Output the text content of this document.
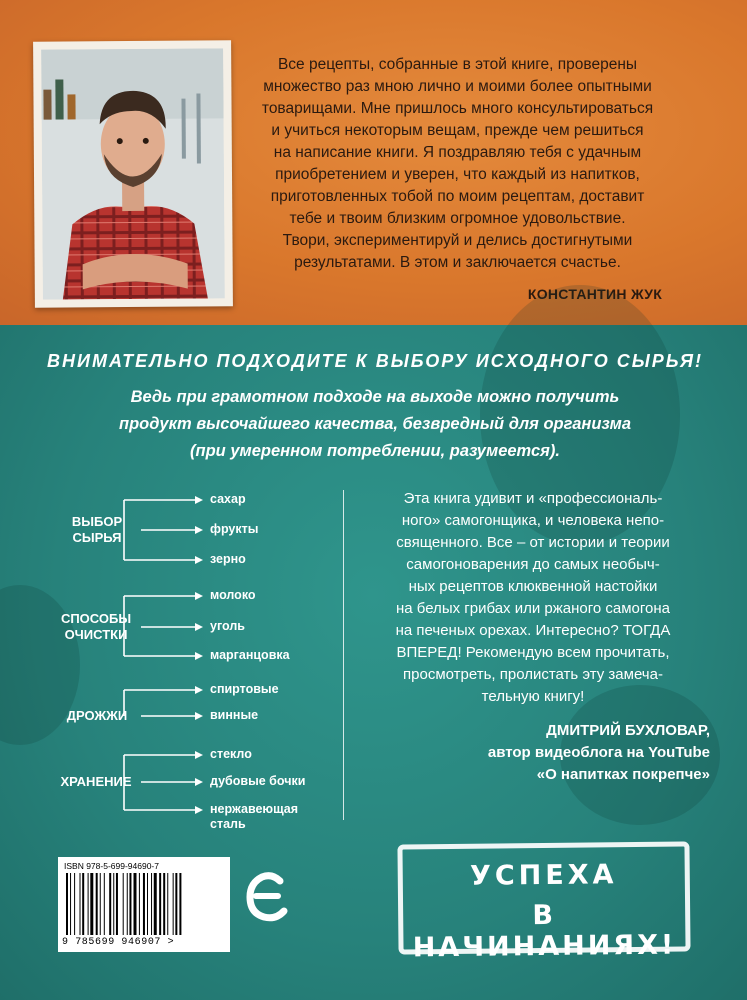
Все рецепты, собранные в этой книге, проверены
множество раз мною лично и моими более опытными
товарищами. Мне пришлось много консультироваться
и учиться некоторым вещам, прежде чем решиться
на написание книги. Я поздравляю тебя с удачным
приобретением и уверен, что каждый из напитков,
приготовленных тобой по моим рецептам, доставит
тебе и твоим близким огромное удовольствие.
Твори, экспериментируй и делись достигнутыми
результатами. В этом и заключается счастье.
КОНСТАНТИН ЖУК
ВНИМАТЕЛЬНО ПОДХОДИТЕ К ВЫБОРУ ИСХОДНОГО СЫРЬЯ!
Ведь при грамотном подходе на выходе можно получить
продукт высочайшего качества, безвредный для организма
(при умеренном потреблении, разумеется).
ВЫБОР
СЫРЬЯ
сахар
фрукты
зерно
СПОСОБЫ
ОЧИСТКИ
молоко
уголь
марганцовка
ДРОЖЖИ
спиртовые
винные
ХРАНЕНИЕ
стекло
дубовые бочки
нержавеющая сталь
Эта книга удивит и «профессиональ-
ного» самогонщика, и человека непо-
священного. Все – от истории и теории
самогоноварения до самых необыч-
ных рецептов клюквенной настойки
на белых грибах или ржаного самогона
на печеных орехах. Интересно? ТОГДА
ВПЕРЕД! Рекомендую всем прочитать,
просмотреть, пролистать эту замеча-
тельную книгу!
ДМИТРИЙ БУХЛОВАР,
автор видеоблога на YouTube
«О напитках покрепче»
ISBN 978-5-699-94690-7
9 785699 946907 >
УСПЕХА
В НАЧИНАНИЯХ!
